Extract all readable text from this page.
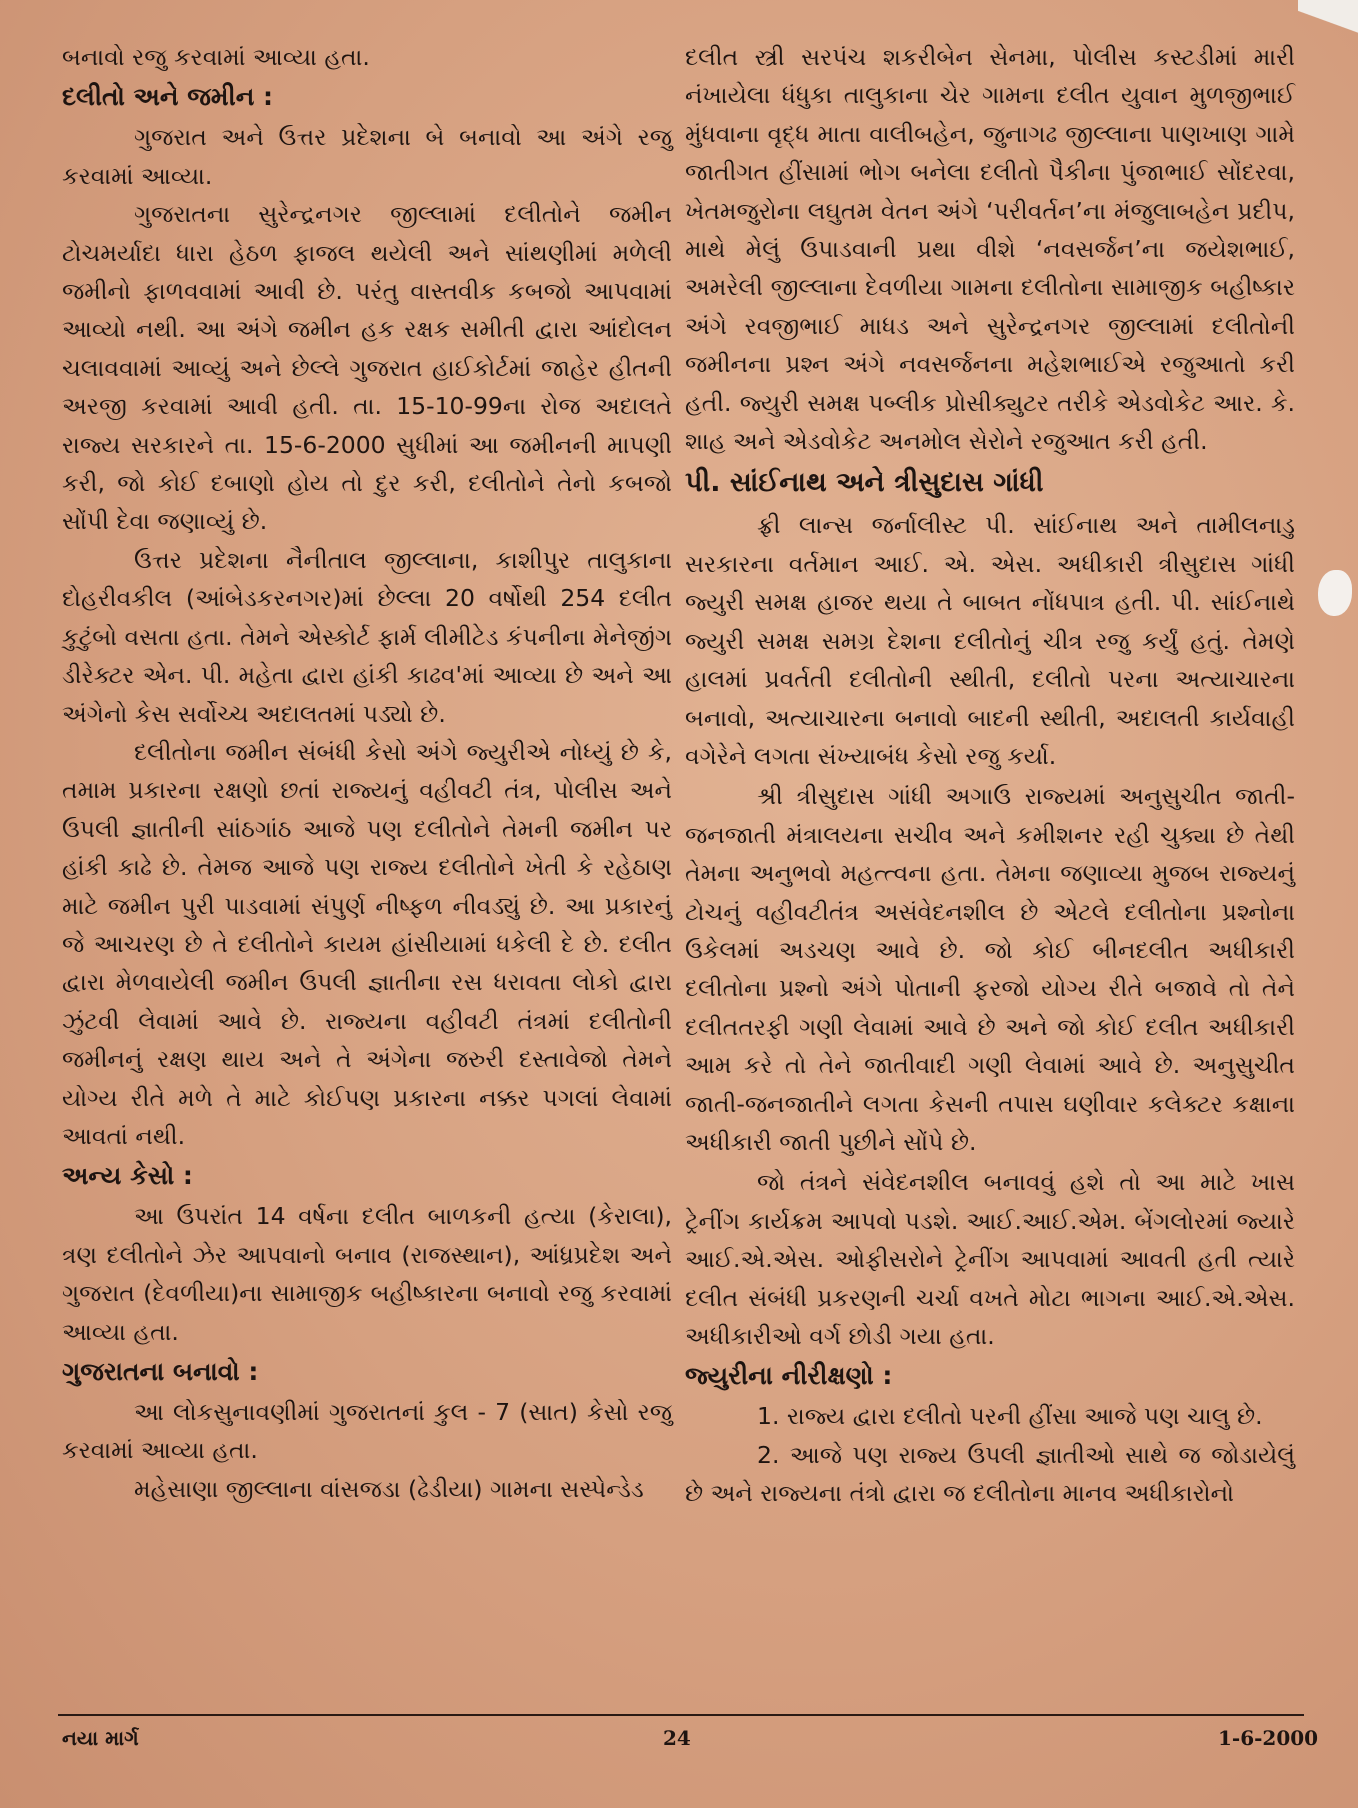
બનાવો રજુ કરવામાં આવ્યા હતા.

દલીતો અને જમીન :

ગુજરાત અને ઉત્તર પ્રદેશના બે બનાવો આ અંગે રજુ કરવામાં આવ્યા.

ગુજરાતના સુરેન્દ્રનગર જીલ્લામાં દલીતોને જમીન ટોચમર્યાદા ધારા હેઠળ ફાજલ થયેલી અને સાંથણીમાં મળેલી જમીનો ફાળવવામાં આવી છે. પરંતુ વાસ્તવીક કબજો આપવામાં આવ્યો નથી. આ અંગે જમીન હક રક્ષક સમીતી દ્વારા આંદોલન ચલાવવામાં આવ્યું અને છેલ્લે ગુજરાત હાઈકોર્ટમાં જાહેર હીતની અરજી કરવામાં આવી હતી. તા. 15-10-99ના રોજ અદાલતે રાજ્ય સરકારને તા. 15-6-2000 સુધીમાં આ જમીનની માપણી કરી, જો કોઈ દબાણો હોય તો દુર કરી, દલીતોને તેનો કબજો સોંપી દેવા જણાવ્યું છે.

ઉત્તર પ્રદેશના નૈનીતાલ જીલ્લાના, કાશીપુર તાલુકાના દોહરીવકીલ (આંબેડકરનગર)માં છેલ્લા 20 વર્ષોથી 254 દલીત કુટુંબો વસતા હતા. તેમને એસ્કોર્ટ ફાર્મ લીમીટેડ કંપનીના મેનેજીંગ ડીરેક્ટર એન. પી. મહેતા દ્વારા હાંકી કાઢવ'માં આવ્યા છે અને આ અંગેનો કેસ સર્વોચ્ચ અદાલતમાં પડ્યો છે.

દલીતોના જમીન સંબંધી કેસો અંગે જ્યુરીએ નોધ્યું છે કે, તમામ પ્રકારના રક્ષણો છતાં રાજ્યનું વહીવટી તંત્ર, પોલીસ અને ઉપલી જ્ઞાતીની સાંઠગાંઠ આજે પણ દલીતોને તેમની જમીન પર હાંકી કાઢે છે. તેમજ આજે પણ રાજ્ય દલીતોને ખેતી કે રહેઠાણ માટે જમીન પુરી પાડવામાં સંપુર્ણ નીષ્ફળ નીવડ્યું છે. આ પ્રકારનું જે આચરણ છે તે દલીતોને કાયમ હાંસીયામાં ધકેલી દે છે. દલીત દ્વારા મેળવાયેલી જમીન ઉપલી જ્ઞાતીના રસ ધરાવતા લોકો દ્વારા ઝુંટવી લેવામાં આવે છે. રાજ્યના વહીવટી તંત્રમાં દલીતોની જમીનનું રક્ષણ થાય અને તે અંગેના જરુરી દસ્તાવેજો તેમને યોગ્ય રીતે મળે તે માટે કોઈપણ પ્રકારના નક્કર પગલાં લેવામાં આવતાં નથી.

અન્ય કેસો :

આ ઉપરાંત 14 વર્ષના દલીત બાળકની હત્યા (કેરાલા), ત્રણ દલીતોને ઝેર આપવાનો બનાવ (રાજસ્થાન), આંધ્રપ્રદેશ અને ગુજરાત (દેવળીયા)ના સામાજીક બહીષ્કારના બનાવો રજુ કરવામાં આવ્યા હતા.

ગુજરાતના બનાવો :

આ લોકસુનાવણીમાં ગુજરાતનાં કુલ - 7 (સાત) કેસો રજુ કરવામાં આવ્યા હતા.

મહેસાણા જીલ્લાના વાંસજડા (ઢેડીયા) ગામના સસ્પેન્ડેડ

દલીત સ્ત્રી સરપંચ શકરીબેન સેનમા, પોલીસ કસ્ટડીમાં મારી નંખાયેલા ધંધુકા તાલુકાના ચેર ગામના દલીત યુવાન મુળજીભાઈ મુંધવાના વૃદ્ધ માતા વાલીબહેન, જુનાગઢ જીલ્લાના પાણખાણ ગામે જાતીગત હીંસામાં ભોગ બનેલા દલીતો પૈકીના પુંજાભાઈ સોંદરવા, ખેતમજુરોના લઘુતમ વેતન અંગે ‘પરીવર્તન’ના મંજુલાબહેન પ્રદીપ, માથે મેલું ઉપાડવાની પ્રથા વીશે ‘નવસર્જન’ના જયેશભાઈ, અમરેલી જીલ્લાના દેવળીયા ગામના દલીતોના સામાજીક બહીષ્કાર અંગે રવજીભાઈ માધડ અને સુરેન્દ્રનગર જીલ્લામાં દલીતોની જમીનના પ્રશ્ન અંગે નવસર્જનના મહેશભાઈએ રજુઆતો કરી હતી. જ્યુરી સમક્ષ પબ્લીક પ્રોસીક્યુટર તરીકે એડવોકેટ આર. કે. શાહ અને એડવોકેટ અનમોલ સેરોને રજુઆત કરી હતી.

પી. સાંઈનાથ અને ત્રીસુદાસ ગાંધી

ફ્રી લાન્સ જર્નાલીસ્ટ પી. સાંઈનાથ અને તામીલનાડુ સરકારના વર્તમાન આઈ. એ. એસ. અધીકારી ત્રીસુદાસ ગાંધી જ્યુરી સમક્ષ હાજર થયા તે બાબત નોંધપાત્ર હતી. પી. સાંઈનાથે જ્યુરી સમક્ષ સમગ્ર દેશના દલીતોનું ચીત્ર રજુ કર્યું હતું. તેમણે હાલમાં પ્રવર્તતી દલીતોની સ્થીતી, દલીતો પરના અત્યાચારના બનાવો, અત્યાચારના બનાવો બાદની સ્થીતી, અદાલતી કાર્યવાહી વગેરેને લગતા સંખ્યાબંધ કેસો રજુ કર્યા.

શ્રી ત્રીસુદાસ ગાંધી અગાઉ રાજ્યમાં અનુસુચીત જાતી-જનજાતી મંત્રાલયના સચીવ અને કમીશનર રહી ચુક્યા છે તેથી તેમના અનુભવો મહત્ત્વના હતા. તેમના જણાવ્યા મુજબ રાજ્યનું ટોચનું વહીવટીતંત્ર અસંવેદનશીલ છે એટલે દલીતોના પ્રશ્નોના ઉકેલમાં અડચણ આવે છે. જો કોઈ બીનદલીત અધીકારી દલીતોના પ્રશ્નો અંગે પોતાની ફરજો યોગ્ય રીતે બજાવે તો તેને દલીતતરફી ગણી લેવામાં આવે છે અને જો કોઈ દલીત અધીકારી આમ કરે તો તેને જાતીવાદી ગણી લેવામાં આવે છે. અનુસુચીત જાતી-જનજાતીને લગતા કેસની તપાસ ઘણીવાર કલેક્ટર કક્ષાના અધીકારી જાતી પુછીને સોંપે છે.

જો તંત્રને સંવેદનશીલ બનાવવું હશે તો આ માટે ખાસ ટ્રેનીંગ કાર્યક્રમ આપવો પડશે. આઈ.આઈ.એમ. બેંગલોરમાં જ્યારે આઈ.એ.એસ. ઓફીસરોને ટ્રેનીંગ આપવામાં આવતી હતી ત્યારે દલીત સંબંધી પ્રકરણની ચર્ચા વખતે મોટા ભાગના આઈ.એ.એસ. અધીકારીઓ વર્ગ છોડી ગયા હતા.

જ્યુરીના નીરીક્ષણો :

1. રાજ્ય દ્વારા દલીતો પરની હીંસા આજે પણ ચાલુ છે.

2. આજે પણ રાજ્ય ઉપલી જ્ઞાતીઓ સાથે જ જોડાયેલું છે અને રાજ્યના તંત્રો દ્વારા જ દલીતોના માનવ અધીકારોનો

નયા માર્ગ	24	1-6-2000
